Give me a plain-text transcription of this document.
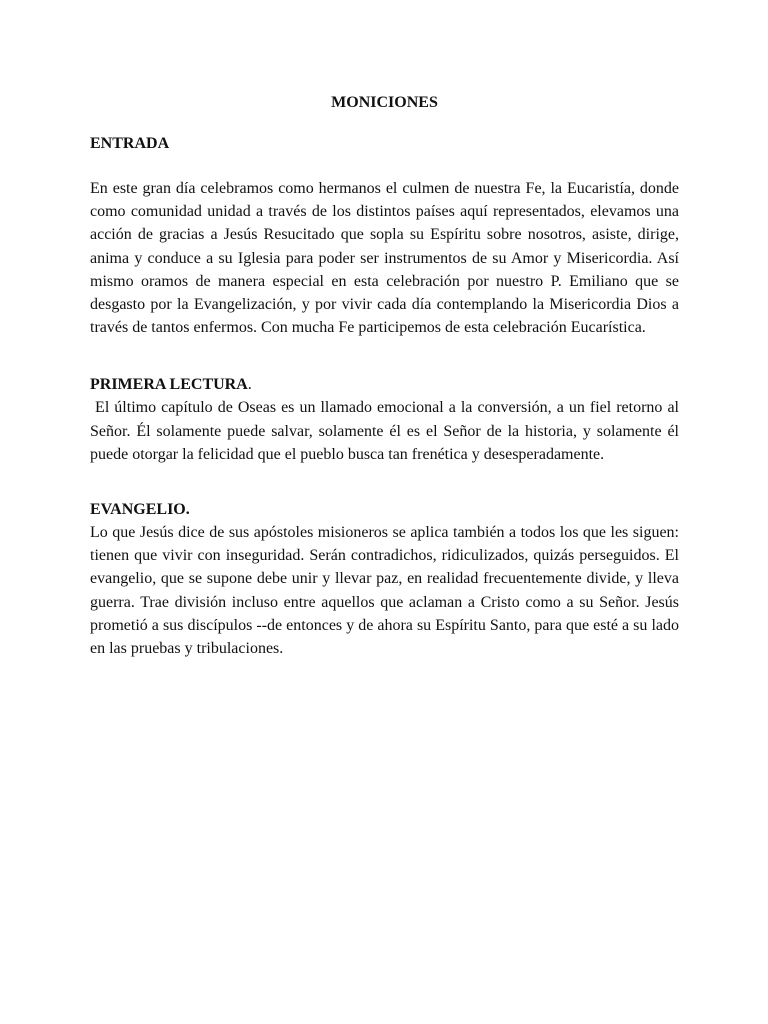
MONICIONES
ENTRADA

En este gran día celebramos como hermanos el culmen de nuestra Fe, la Eucaristía, donde como comunidad unidad a través de los distintos países aquí representados, elevamos una acción de gracias a Jesús Resucitado que sopla su Espíritu sobre nosotros, asiste, dirige, anima y conduce a su Iglesia para poder ser instrumentos de su Amor y Misericordia. Así mismo oramos de manera especial en esta celebración por nuestro P. Emiliano que se desgasto por la Evangelización, y por vivir cada día contemplando la Misericordia Dios a través de tantos enfermos. Con mucha Fe participemos de esta celebración Eucarística.

PRIMERA LECTURA.

El último capítulo de Oseas es un llamado emocional a la conversión, a un fiel retorno al Señor. Él solamente puede salvar, solamente él es el Señor de la historia, y solamente él puede otorgar la felicidad que el pueblo busca tan frenética y desesperadamente.

EVANGELIO.

Lo que Jesús dice de sus apóstoles misioneros se aplica también a todos los que les siguen: tienen que vivir con inseguridad. Serán contradichos, ridiculizados, quizás perseguidos. El evangelio, que se supone debe unir y llevar paz, en realidad frecuentemente divide, y lleva guerra. Trae división incluso entre aquellos que aclaman a Cristo como a su Señor. Jesús prometió a sus discípulos --de entonces y de ahora su Espíritu Santo, para que esté a su lado en las pruebas y tribulaciones.
